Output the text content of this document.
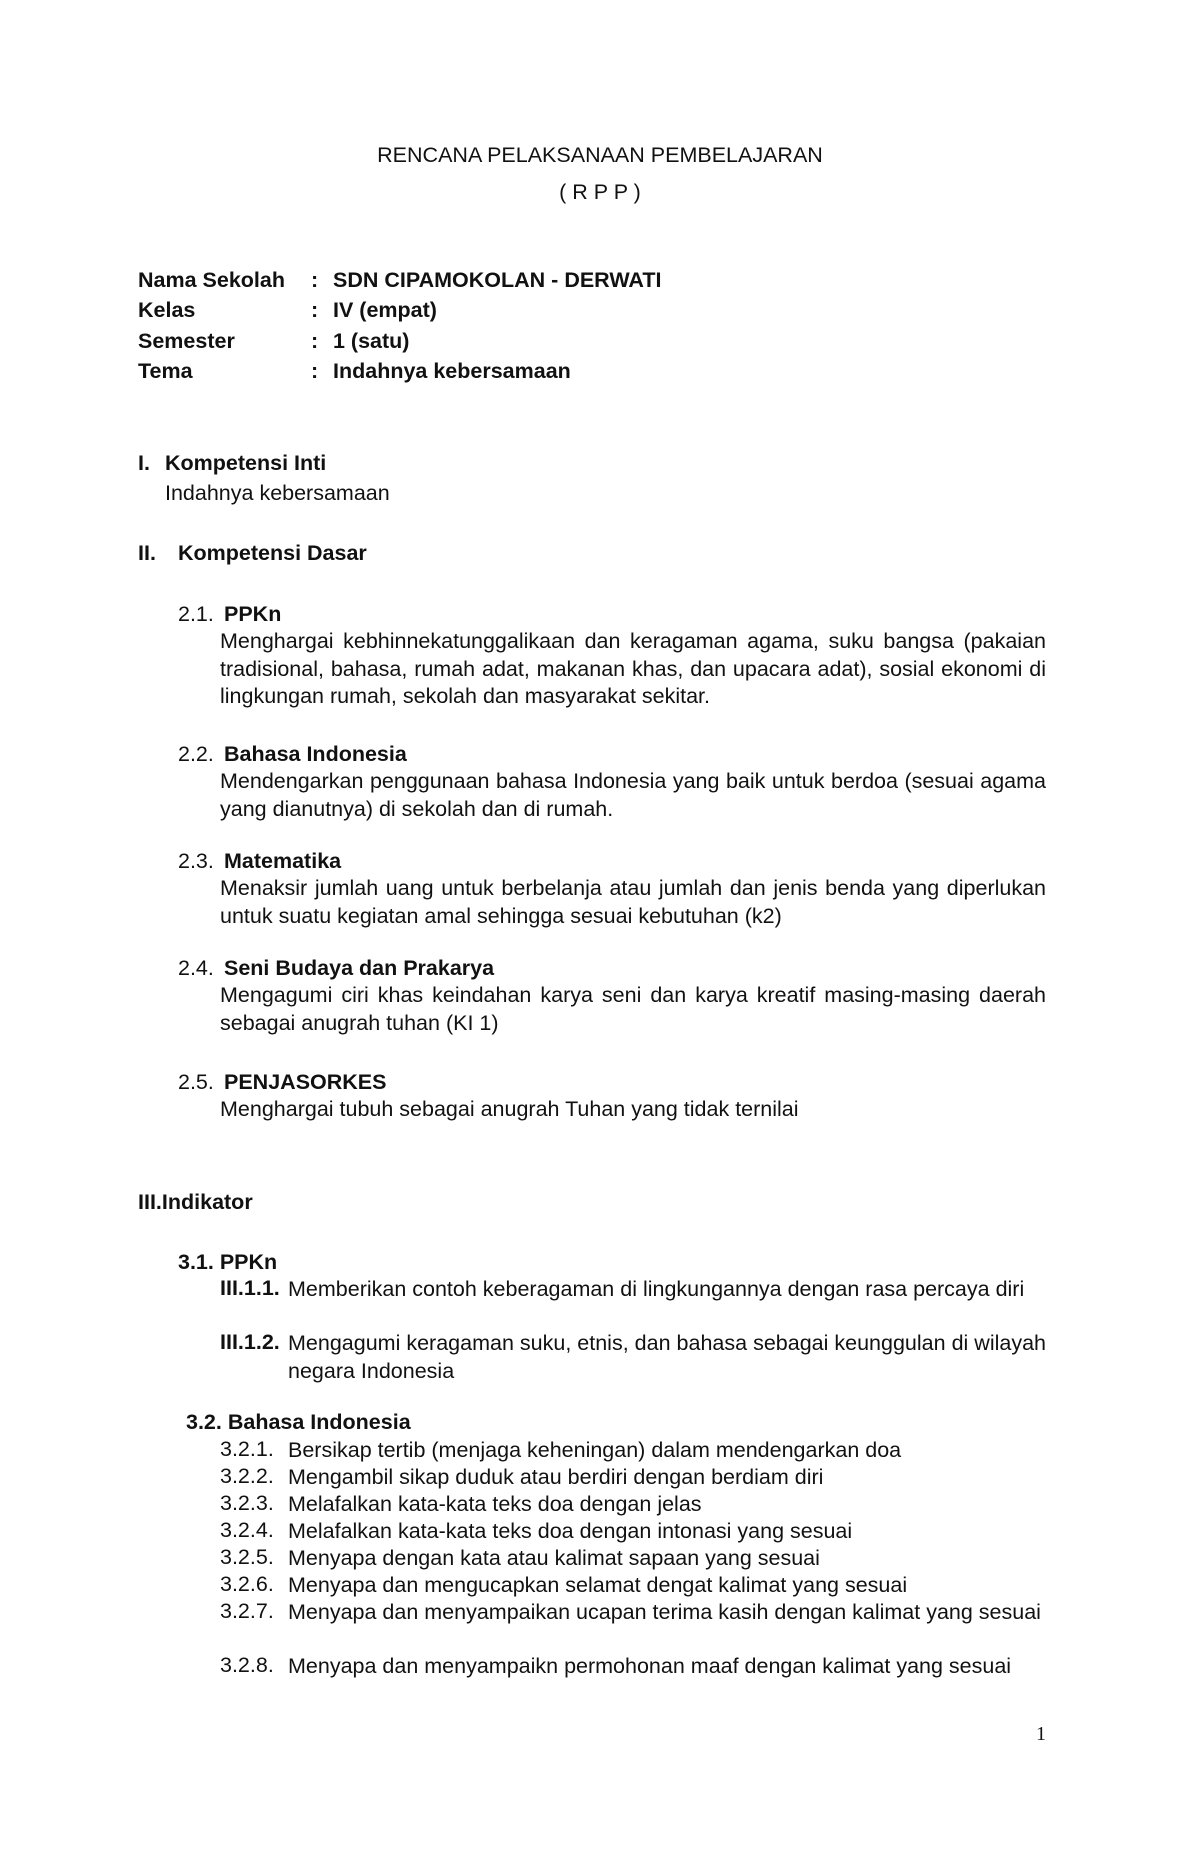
RENCANA PELAKSANAAN PEMBELAJARAN
( R P P )
Nama Sekolah : SDN CIPAMOKOLAN - DERWATI
Kelas	: IV (empat)
Semester	: 1 (satu)
Tema	: Indahnya kebersamaan
I. Kompetensi Inti
Indahnya kebersamaan
II. Kompetensi Dasar
2.1. PPKn
Menghargai kebhinnekatunggalikaan dan keragaman agama, suku bangsa (pakaian tradisional, bahasa, rumah adat, makanan khas, dan upacara adat), sosial ekonomi di lingkungan rumah, sekolah dan masyarakat sekitar.
2.2. Bahasa Indonesia
Mendengarkan penggunaan bahasa Indonesia yang baik untuk berdoa (sesuai agama yang dianutnya) di sekolah dan di rumah.
2.3. Matematika
Menaksir jumlah uang untuk berbelanja atau jumlah dan jenis benda yang diperlukan untuk suatu kegiatan amal sehingga sesuai kebutuhan (k2)
2.4. Seni Budaya dan Prakarya
Mengagumi ciri khas keindahan karya seni dan karya kreatif masing-masing daerah sebagai anugrah tuhan (KI 1)
2.5. PENJASORKES
Menghargai tubuh sebagai anugrah Tuhan yang tidak ternilai
III.Indikator
3.1. PPKn
III.1.1. Memberikan contoh keberagaman di lingkungannya dengan rasa percaya diri
III.1.2. Mengagumi keragaman suku, etnis, dan bahasa sebagai keunggulan di wilayah negara Indonesia
3.2. Bahasa Indonesia
3.2.1. Bersikap tertib (menjaga keheningan) dalam mendengarkan doa
3.2.2. Mengambil sikap duduk atau berdiri dengan berdiam diri
3.2.3. Melafalkan kata-kata teks doa dengan jelas
3.2.4. Melafalkan kata-kata teks doa dengan intonasi yang sesuai
3.2.5. Menyapa dengan kata atau kalimat sapaan yang sesuai
3.2.6. Menyapa dan mengucapkan selamat dengat kalimat yang sesuai
3.2.7. Menyapa dan menyampaikan ucapan terima kasih dengan kalimat yang sesuai
3.2.8. Menyapa dan menyampaikn permohonan maaf dengan kalimat yang sesuai
1
